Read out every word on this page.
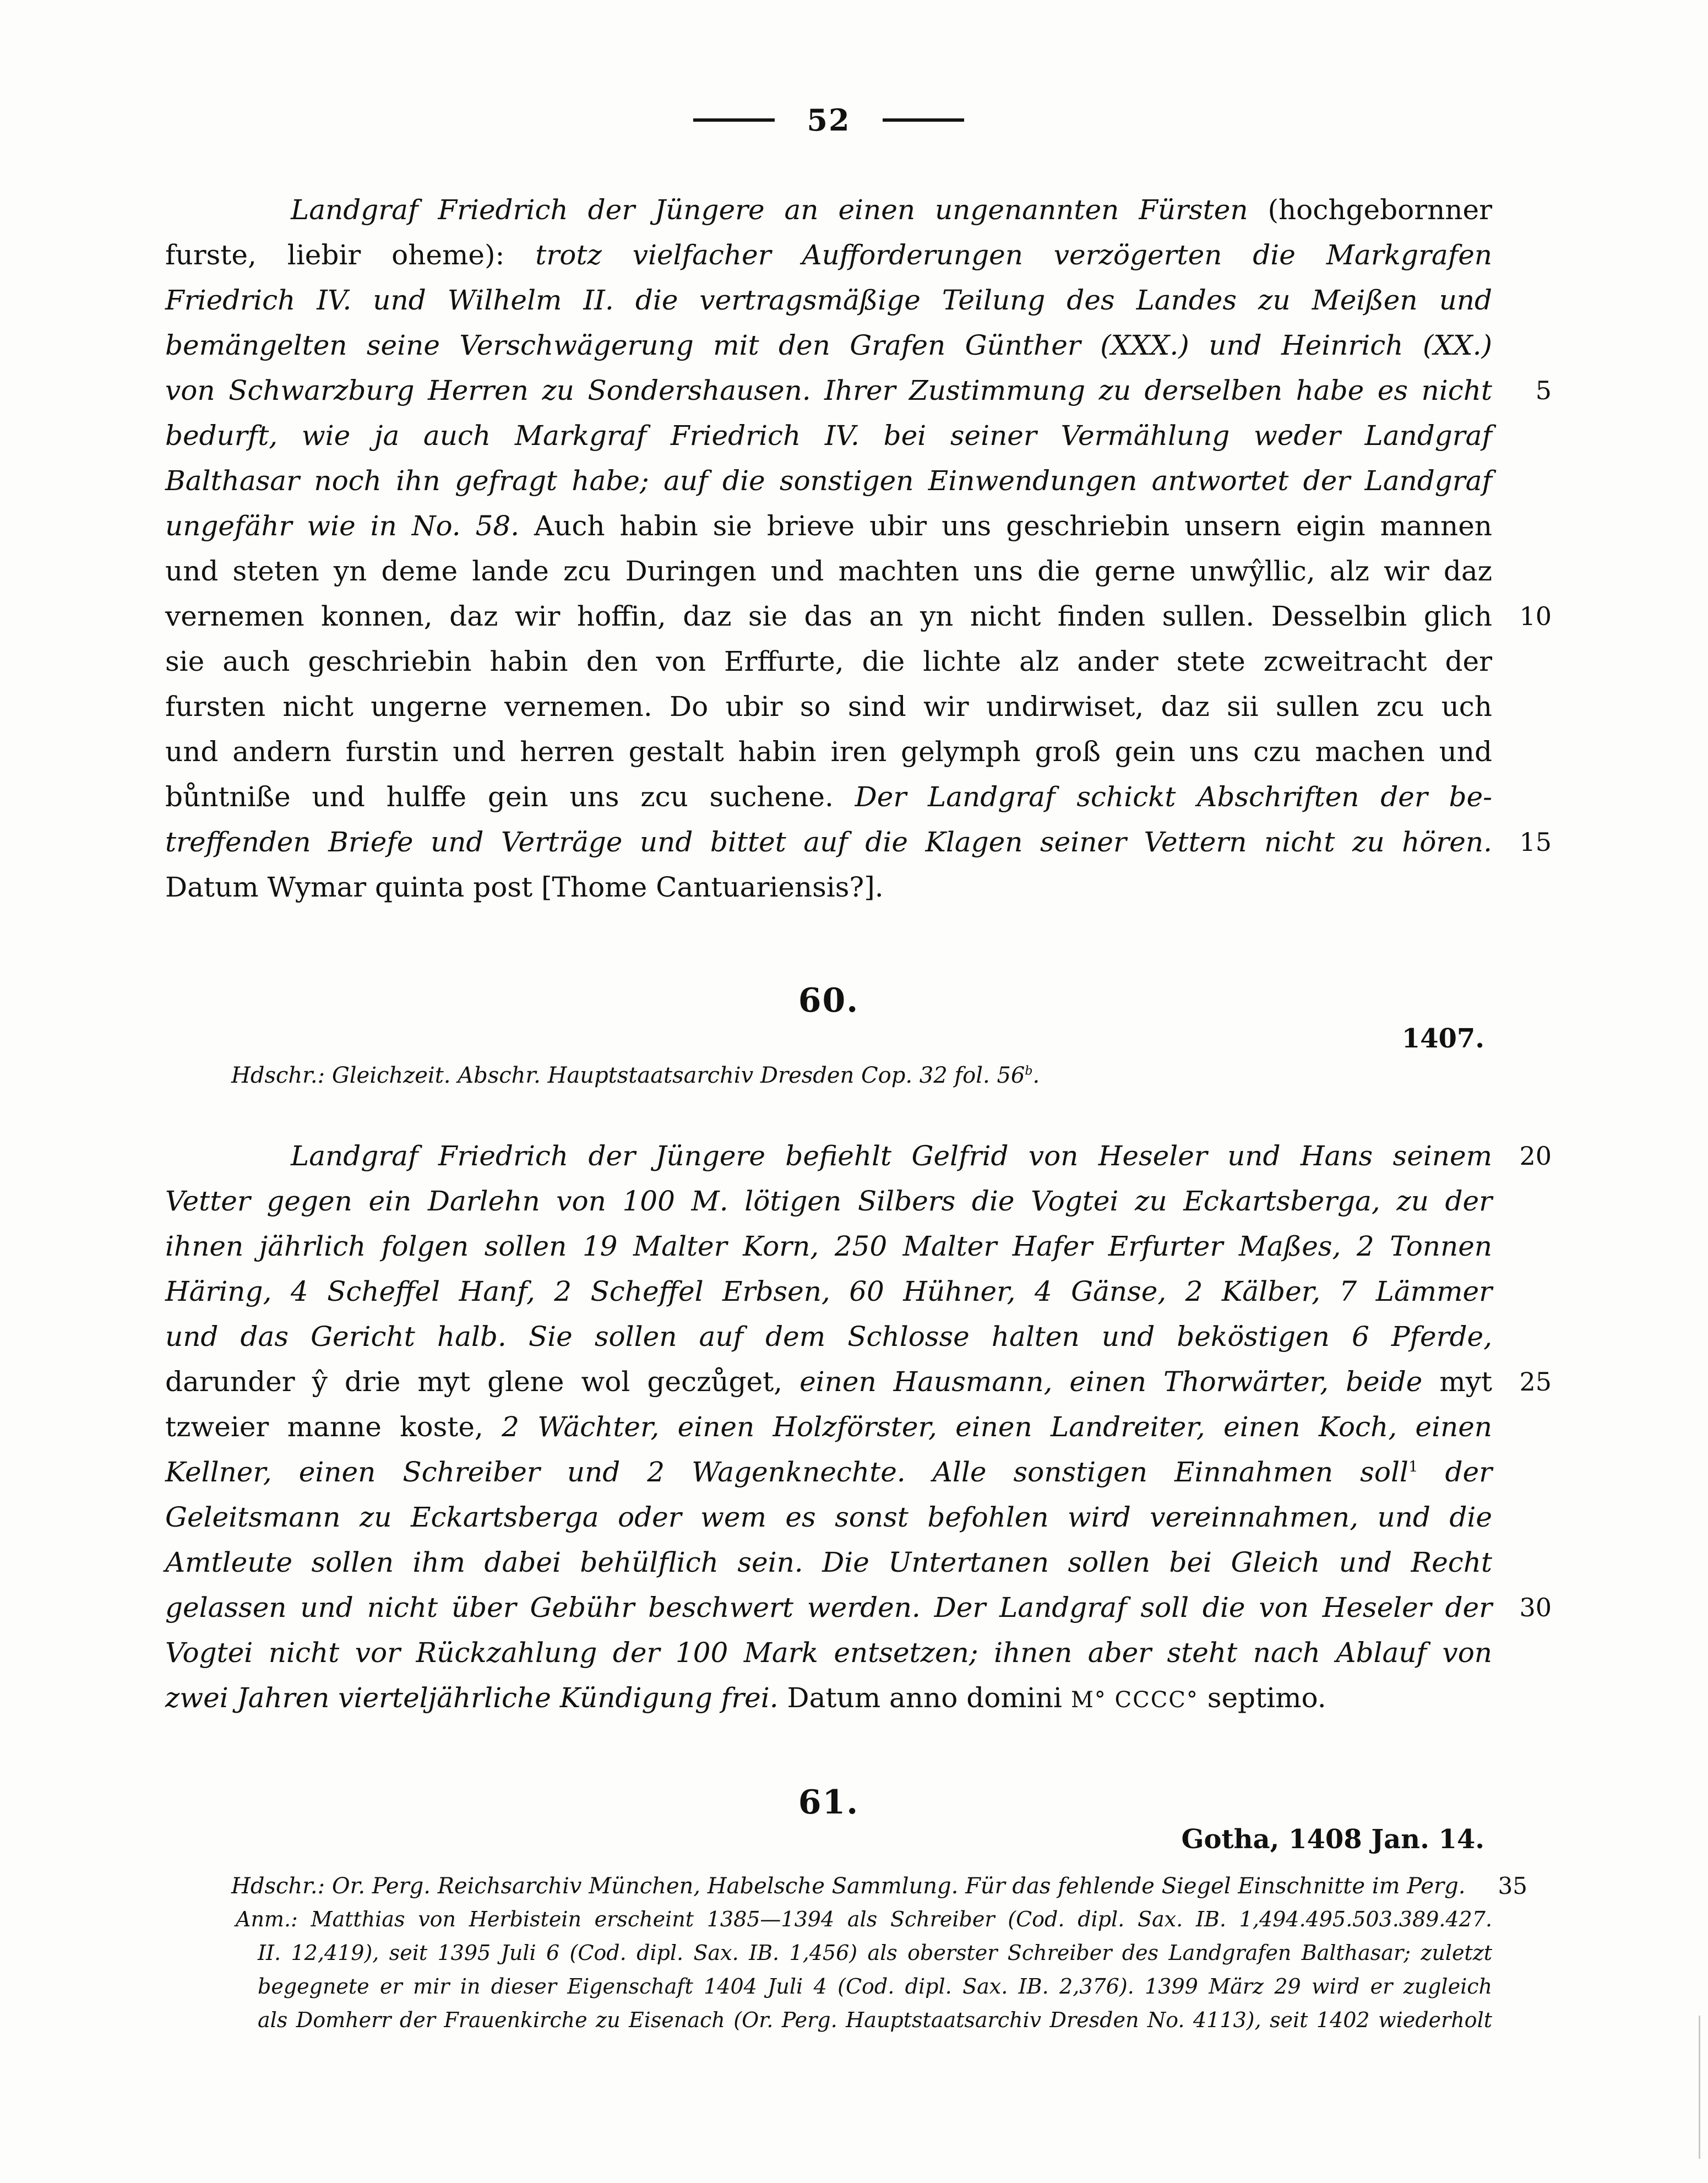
52
Landgraf Friedrich der Jüngere an einen ungenannten Fürsten (hochgebornner
furste, liebir oheme): trotz vielfacher Aufforderungen verzögerten die Markgrafen
Friedrich IV. und Wilhelm II. die vertragsmäßige Teilung des Landes zu Meißen und
bemängelten seine Verschwägerung mit den Grafen Günther (XXX.) und Heinrich (XX.)
von Schwarzburg Herren zu Sondershausen. Ihrer Zustimmung zu derselben habe es nicht 5
bedurft, wie ja auch Markgraf Friedrich IV. bei seiner Vermählung weder Landgraf
Balthasar noch ihn gefragt habe; auf die sonstigen Einwendungen antwortet der Landgraf
ungefähr wie in No. 58. Auch habin sie brieve ubir uns geschriebin unsern eigin mannen
und steten yn deme lande zcu Duringen und machten uns die gerne unwŷllic, alz wir daz
vernemen konnen, daz wir hoffin, daz sie das an yn nicht finden sullen. Desselbin glich 10
sie auch geschriebin habin den von Erffurte, die lichte alz ander stete zcweitracht der
fursten nicht ungerne vernemen. Do ubir so sind wir undirwiset, daz sii sullen zcu uch
und andern furstin und herren gestalt habin iren gelymph groß gein uns czu machen und
bůntniße und hulffe gein uns zcu suchene. Der Landgraf schickt Abschriften der be-
treffenden Briefe und Verträge und bittet auf die Klagen seiner Vettern nicht zu hören. 15
Datum Wymar quinta post [Thome Cantuariensis?].
60.
1407.
Hdschr.: Gleichzeit. Abschr. Hauptstaatsarchiv Dresden Cop. 32 fol. 56$^b$.
Landgraf Friedrich der Jüngere befiehlt Gelfrid von Heseler und Hans seinem 20
Vetter gegen ein Darlehn von 100 M. lötigen Silbers die Vogtei zu Eckartsberga, zu der
ihnen jährlich folgen sollen 19 Malter Korn, 250 Malter Hafer Erfurter Maßes, 2 Tonnen
Häring, 4 Scheffel Hanf, 2 Scheffel Erbsen, 60 Hühner, 4 Gänse, 2 Kälber, 7 Lämmer
und das Gericht halb. Sie sollen auf dem Schlosse halten und beköstigen 6 Pferde,
darunder ŷ drie myt glene wol geczůget, einen Hausmann, einen Thorwärter, beide myt 25
tzweier manne koste, 2 Wächter, einen Holzförster, einen Landreiter, einen Koch, einen
Kellner, einen Schreiber und 2 Wagenknechte. Alle sonstigen Einnahmen soll$^1$ der
Geleitsmann zu Eckartsberga oder wem es sonst befohlen wird vereinnahmen, und die
Amtleute sollen ihm dabei behülflich sein. Die Untertanen sollen bei Gleich und Recht
gelassen und nicht über Gebühr beschwert werden. Der Landgraf soll die von Heseler der 30
Vogtei nicht vor Rückzahlung der 100 Mark entsetzen; ihnen aber steht nach Ablauf von
zwei Jahren vierteljährliche Kündigung frei. Datum anno domini M° CCCC° septimo.
61.
Gotha, 1408 Jan. 14.
Hdschr.: Or. Perg. Reichsarchiv München, Habelsche Sammlung. Für das fehlende Siegel Einschnitte im Perg. 35
Anm.: Matthias von Herbistein erscheint 1385—1394 als Schreiber (Cod. dipl. Sax. IB. 1,494.495.503.389.427.
II. 12,419), seit 1395 Juli 6 (Cod. dipl. Sax. IB. 1,456) als oberster Schreiber des Landgrafen Balthasar; zuletzt
begegnete er mir in dieser Eigenschaft 1404 Juli 4 (Cod. dipl. Sax. IB. 2,376). 1399 März 29 wird er zugleich
als Domherr der Frauenkirche zu Eisenach (Or. Perg. Hauptstaatsarchiv Dresden No. 4113), seit 1402 wiederholt
